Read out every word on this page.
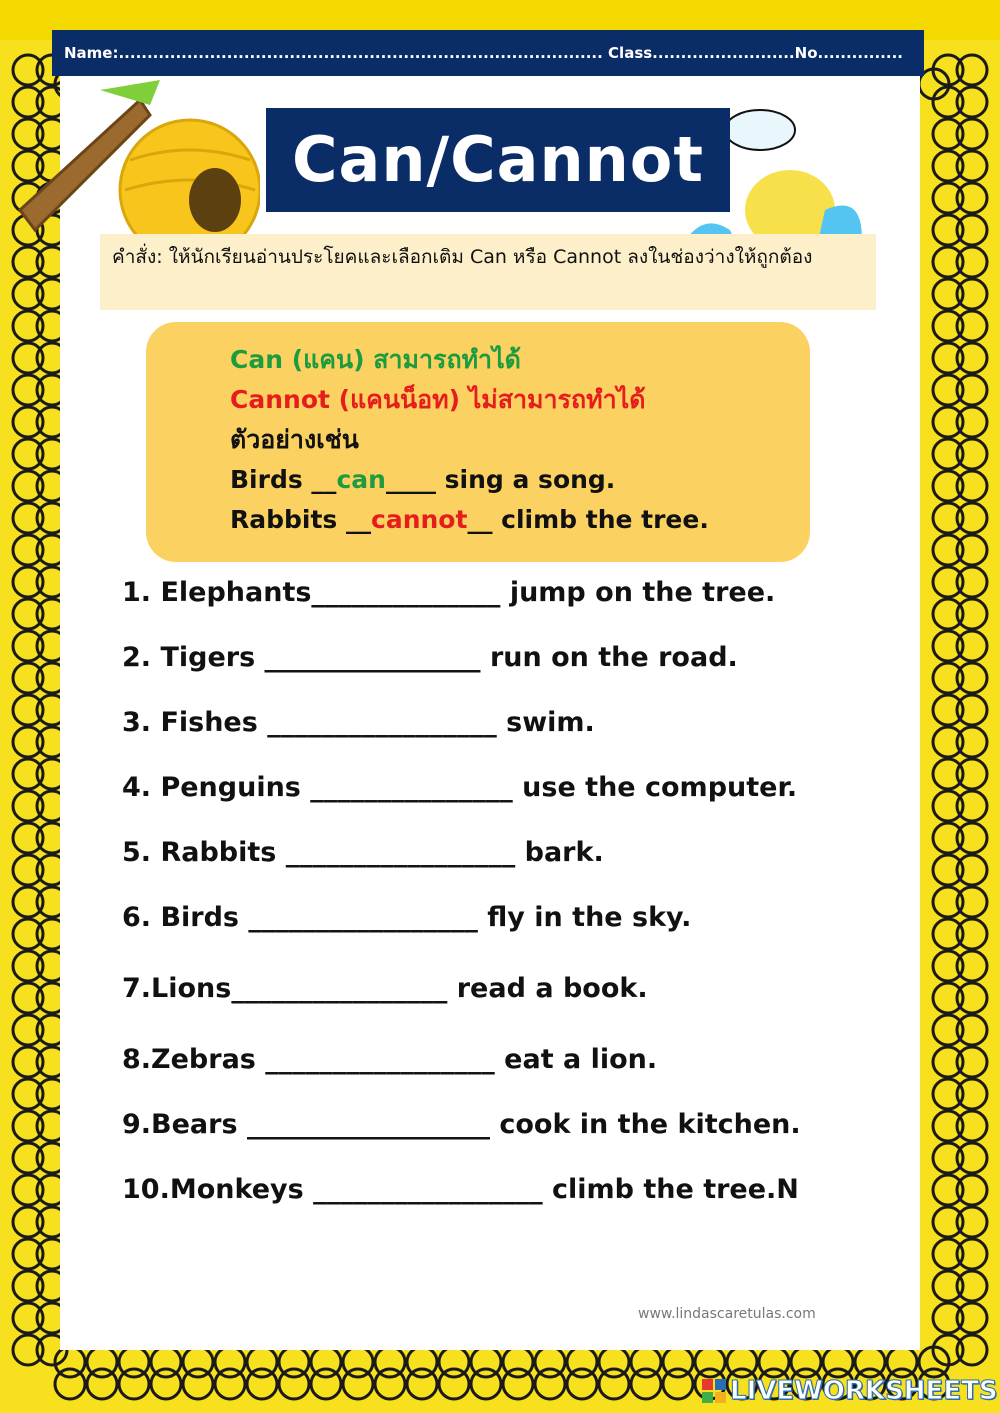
Name:..................................................................................... Class.........................No...............
Can/Cannot
คำสั่ง: ให้นักเรียนอ่านประโยคและเลือกเติม Can หรือ Cannot ลงในช่องว่างให้ถูกต้อง
Can (แคน) สามารถทำได้
Cannot (แคนน็อท) ไม่สามารถทำได้
ตัวอย่างเช่น
Birds __can____ sing a song.
Rabbits __cannot__ climb the tree.
1. Elephants______________ jump on the tree.
2. Tigers ________________ run on the road.
3. Fishes _________________ swim.
4. Penguins _______________ use the computer.
5. Rabbits _________________ bark.
6. Birds _________________ fly in the sky.
7.Lions________________ read a book.
8.Zebras _________________ eat a lion.
9.Bears __________________ cook in the kitchen.
10.Monkeys _________________ climb the tree.N
www.lindascaretulas.com
LIVEWORKSHEETS
